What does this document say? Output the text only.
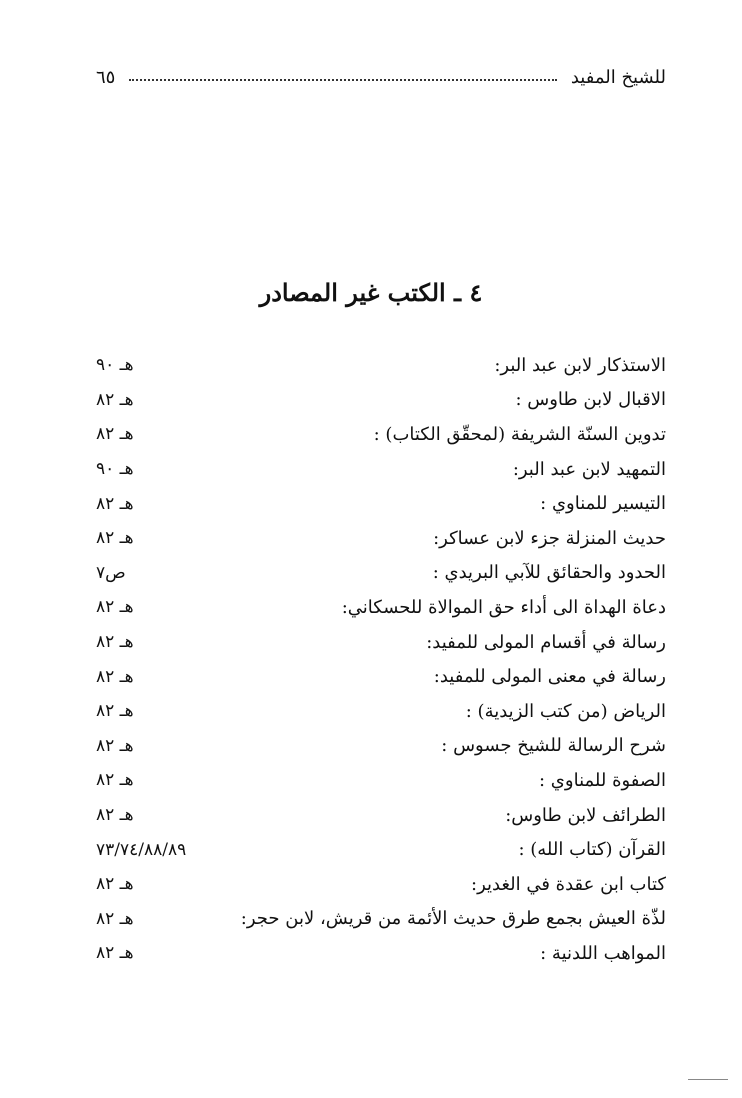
للشيخ المفيد
٦٥
٤ ـ الكتب غير المصادر
الاستذكار لابن عبد البر:
هـ ٩٠
الاقبال لابن طاوس :
هـ ٨٢
تدوين السنّة الشريفة (لمحقّق الكتاب) :
هـ ٨٢
التمهيد لابن عبد البر:
هـ ٩٠
التيسير للمناوي :
هـ ٨٢
حديث المنزلة جزء لابن عساكر:
هـ ٨٢
الحدود والحقائق للآبي البريدي :
ص٧
دعاة الهداة الى أداء حق الموالاة للحسكاني:
هـ ٨٢
رسالة في أقسام المولى للمفيد:
هـ ٨٢
رسالة في معنى المولى للمفيد:
هـ ٨٢
الرياض (من كتب الزيدية) :
هـ ٨٢
شرح الرسالة للشيخ جسوس :
هـ ٨٢
الصفوة للمناوي :
هـ ٨٢
الطرائف لابن طاوس:
هـ ٨٢
القرآن (كتاب الله) :
٧٣/٧٤/٨٨/٨٩
كتاب ابن عقدة في الغدير:
هـ ٨٢
لذّة العيش بجمع طرق حديث الأئمة من قريش، لابن حجر:
هـ ٨٢
المواهب اللدنية :
هـ ٨٢
